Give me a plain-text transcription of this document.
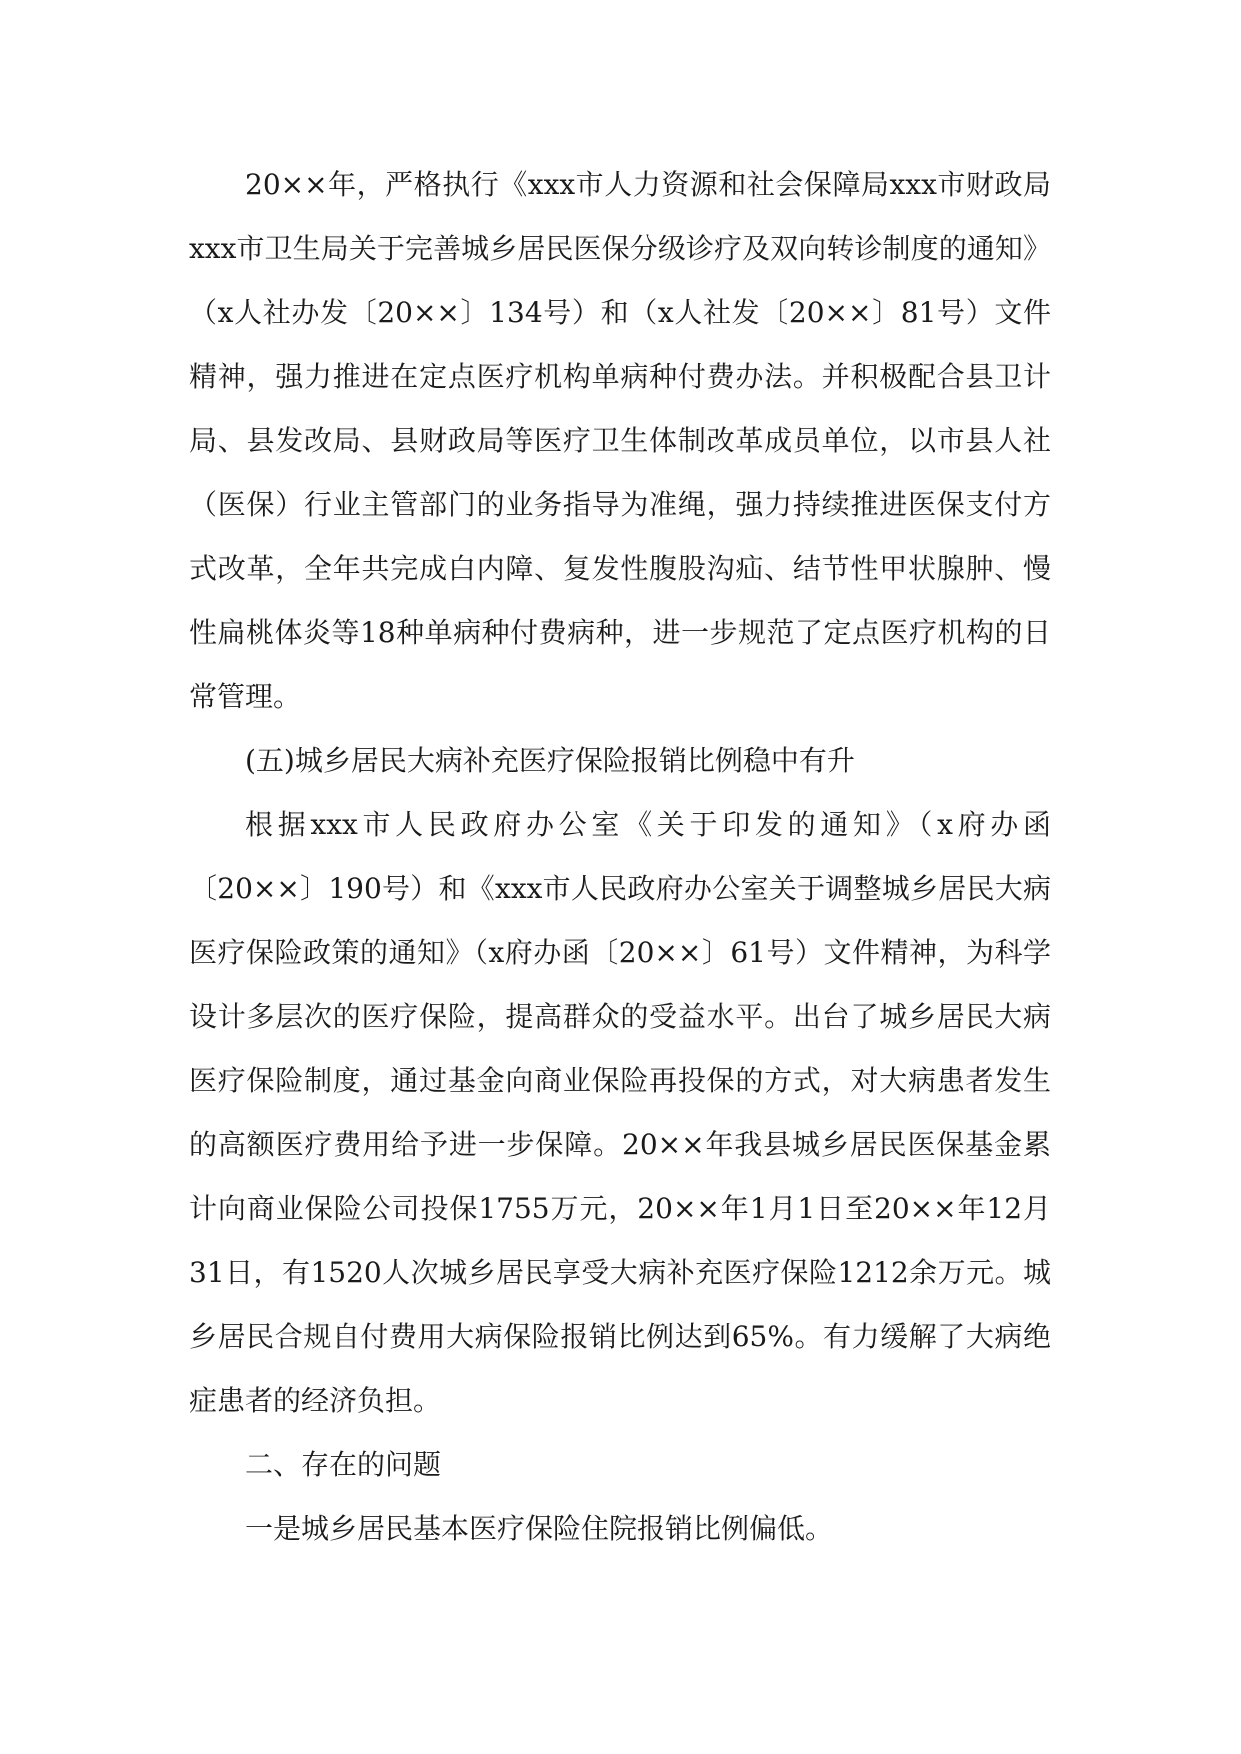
20××年，严格执行《xxx市人力资源和社会保障局xxx市财政局xxx市卫生局关于完善城乡居民医保分级诊疗及双向转诊制度的通知》（x人社办发〔20××〕134号）和（x人社发〔20××〕81号）文件精神，强力推进在定点医疗机构单病种付费办法。并积极配合县卫计局、县发改局、县财政局等医疗卫生体制改革成员单位，以市县人社（医保）行业主管部门的业务指导为准绳，强力持续推进医保支付方式改革，全年共完成白内障、复发性腹股沟疝、结节性甲状腺肿、慢性扁桃体炎等18种单病种付费病种，进一步规范了定点医疗机构的日常管理。

(五)城乡居民大病补充医疗保险报销比例稳中有升

根据xxx市人民政府办公室《关于印发的通知》（x府办函〔20××〕190号）和《xxx市人民政府办公室关于调整城乡居民大病医疗保险政策的通知》（x府办函〔20××〕61号）文件精神，为科学设计多层次的医疗保险，提高群众的受益水平。出台了城乡居民大病医疗保险制度，通过基金向商业保险再投保的方式，对大病患者发生的高额医疗费用给予进一步保障。20××年我县城乡居民医保基金累计向商业保险公司投保1755万元，20××年1月1日至20××年12月31日，有1520人次城乡居民享受大病补充医疗保险1212余万元。城乡居民合规自付费用大病保险报销比例达到65%。有力缓解了大病绝症患者的经济负担。

二、存在的问题

一是城乡居民基本医疗保险住院报销比例偏低。
